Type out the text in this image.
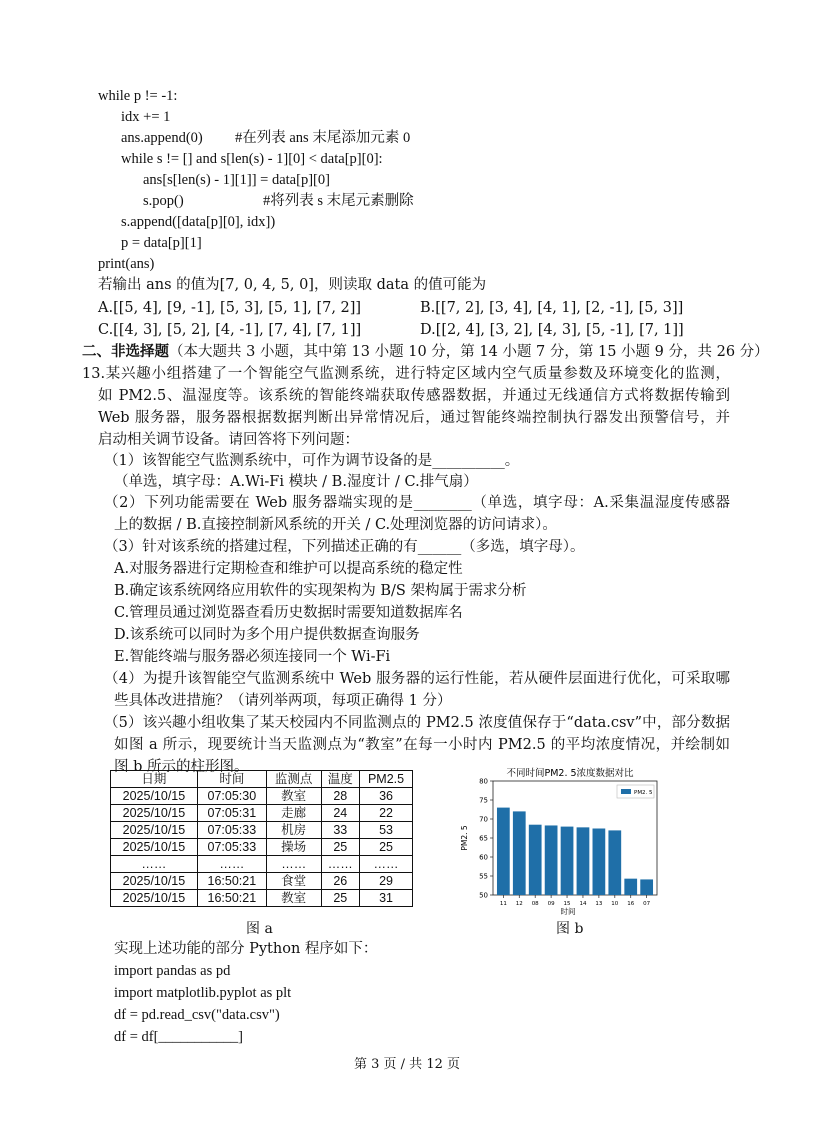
while p != -1:
idx += 1
ans.append(0) #在列表 ans 末尾添加元素 0
while s != [] and s[len(s) - 1][0] < data[p][0]:
ans[s[len(s) - 1][1]] = data[p][0]
s.pop()	#将列表 s 末尾元素删除
s.append([data[p][0], idx])
p = data[p][1]
print(ans)
若输出 ans 的值为[7, 0, 4, 5, 0]，则读取 data 的值可能为
A.[[5, 4], [9, -1], [5, 3], [5, 1], [7, 2]]	B.[[7, 2], [3, 4], [4, 1], [2, -1], [5, 3]]
C.[[4, 3], [5, 2], [4, -1], [7, 4], [7, 1]]	D.[[2, 4], [3, 2], [4, 3], [5, -1], [7, 1]]
二、非选择题（本大题共 3 小题，其中第 13 小题 10 分，第 14 小题 7 分，第 15 小题 9 分，共 26 分）
13.某兴趣小组搭建了一个智能空气监测系统，进行特定区域内空气质量参数及环境变化的监测，
如 PM2.5、温湿度等。该系统的智能终端获取传感器数据，并通过无线通信方式将数据传输到
Web 服务器，服务器根据数据判断出异常情况后，通过智能终端控制执行器发出预警信号，并
启动相关调节设备。请回答将下列问题：
（1）该智能空气监测系统中，可作为调节设备的是__________。
（单选，填字母：A.Wi-Fi 模块 / B.湿度计 / C.排气扇）
（2）下列功能需要在 Web 服务器端实现的是________（单选，填字母：A.采集温湿度传感器
上的数据 / B.直接控制新风系统的开关 / C.处理浏览器的访问请求）。
（3）针对该系统的搭建过程，下列描述正确的有______（多选，填字母）。
A.对服务器进行定期检查和维护可以提高系统的稳定性
B.确定该系统网络应用软件的实现架构为 B/S 架构属于需求分析
C.管理员通过浏览器查看历史数据时需要知道数据库名
D.该系统可以同时为多个用户提供数据查询服务
E.智能终端与服务器必须连接同一个 Wi-Fi
（4）为提升该智能空气监测系统中 Web 服务器的运行性能，若从硬件层面进行优化，可采取哪
些具体改进措施？（请列举两项，每项正确得 1 分）
（5）该兴趣小组收集了某天校园内不同监测点的 PM2.5 浓度值保存于“data.csv”中，部分数据
如图 a 所示，现要统计当天监测点为“教室”在每一小时内 PM2.5 的平均浓度情况，并绘制如
图 b 所示的柱形图。
日期	时间	监测点	温度	PM2.5
2025/10/15	07:05:30	教室	28	36
2025/10/15	07:05:31	走廊	24	22
2025/10/15	07:05:33	机房	33	53
2025/10/15	07:05:33	操场	25	25
……	……	……	……	……
2025/10/15	16:50:21	食堂	26	29
2025/10/15	16:50:21	教室	25	31
图 a
不同时间PM2. 5浓度数据对比
50
55
60
65
70
75
80
11 12 08 09 15 14 13 10 16 07
时间
PM2. 5
PM2. 5
图 b
实现上述功能的部分 Python 程序如下：
import pandas as pd
import matplotlib.pyplot as plt
df = pd.read_csv("data.csv")
df = df[___________]
第 3 页 / 共 12 页
